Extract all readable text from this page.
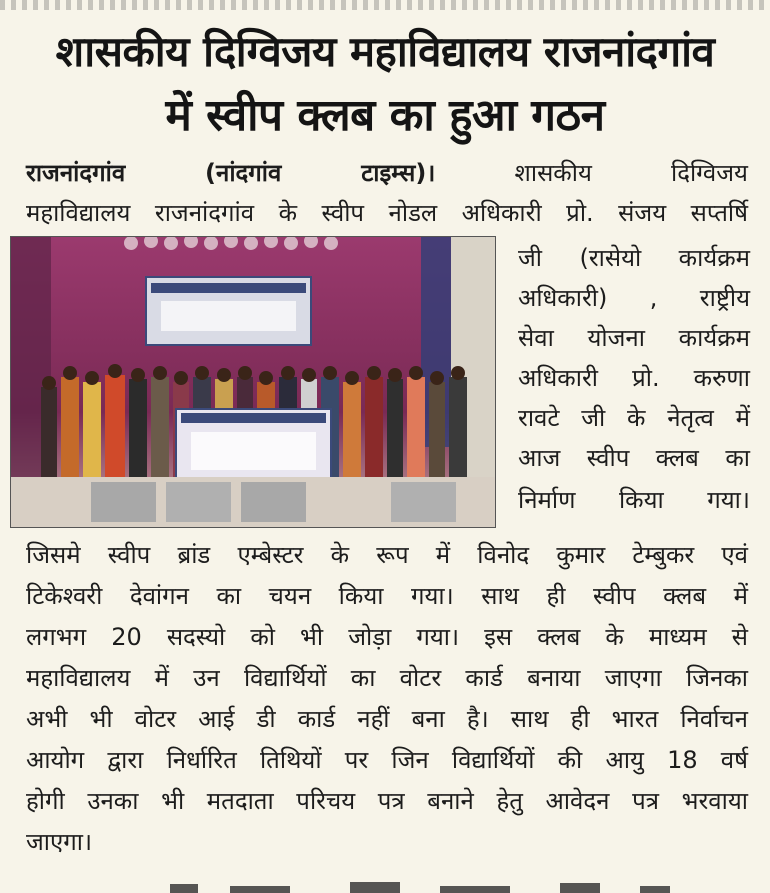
शासकीय दिग्विजय महाविद्यालय राजनांदगांव
में स्वीप क्लब का हुआ गठन
राजनांदगांव (नांदगांव टाइम्स)।	शासकीय दिग्विजय
महाविद्यालय राजनांदगांव के स्वीप नोडल अधिकारी प्रो. संजय सप्तर्षि
जी (रासेयो कार्यक्रम
अधिकारी) , राष्ट्रीय
सेवा योजना कार्यक्रम
अधिकारी प्रो. करुणा
रावटे जी के नेतृत्व में
आज स्वीप क्लब का
निर्माण किया गया।
जिसमे स्वीप ब्रांड एम्बेस्टर के रूप में विनोद कुमार टेम्बुकर एवं
टिकेश्वरी देवांगन का चयन किया गया। साथ ही स्वीप क्लब में
लगभग 20 सदस्यो को भी जोड़ा गया। इस क्लब के माध्यम से
महाविद्यालय में उन विद्यार्थियों का वोटर कार्ड बनाया जाएगा जिनका
अभी भी वोटर आई डी कार्ड नहीं बना है। साथ ही भारत निर्वाचन
आयोग द्वारा निर्धारित तिथियों पर जिन विद्यार्थियों की आयु 18 वर्ष
होगी उनका भी मतदाता परिचय पत्र बनाने हेतु आवेदन पत्र भरवाया
जाएगा।
